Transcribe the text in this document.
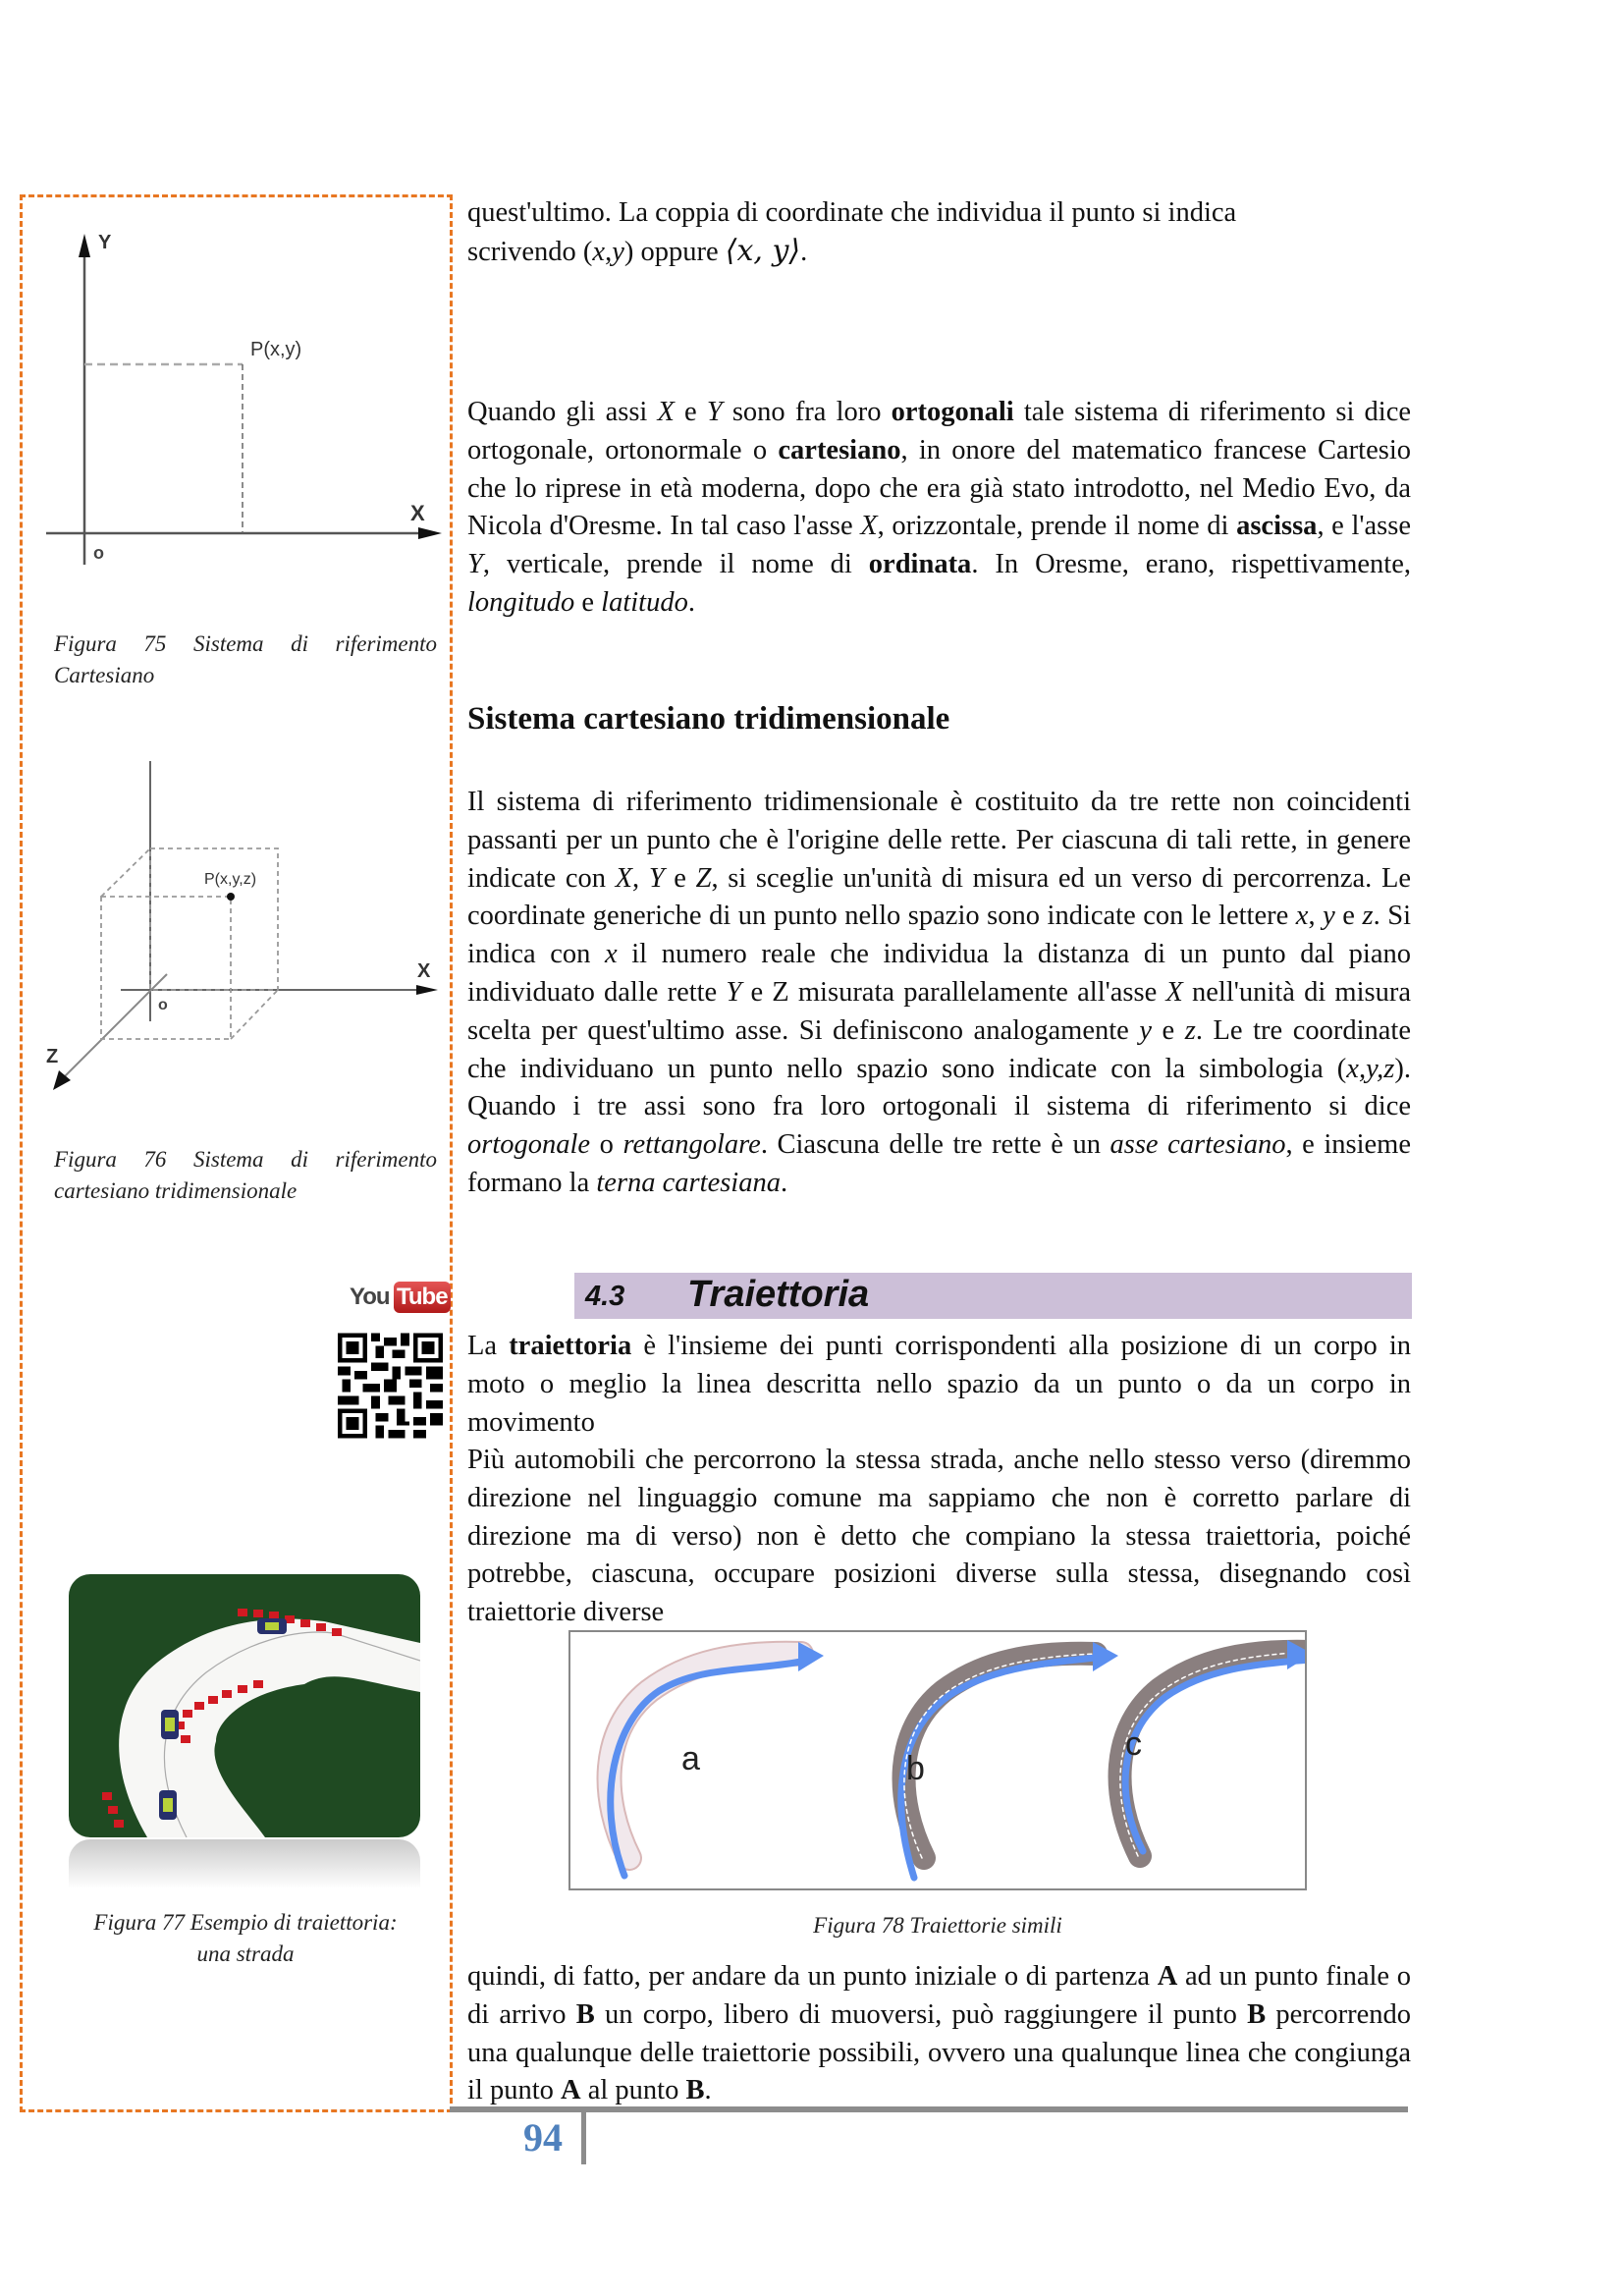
Y
P(x,y)
X
o
Figura 75 Sistema di riferimento Cartesiano
P(x,y,z)
X
o
Z
Figura 76 Sistema di riferimento cartesiano tridimensionale
You Tube
Figura 77 Esempio di traiettoria:
una strada

quest'ultimo. La coppia di coordinate che individua il punto si indica
scrivendo (x,y) oppure ⟨x, y⟩.

Quando gli assi X e Y sono fra loro ortogonali tale sistema di riferimento si dice ortogonale, ortonormale o cartesiano, in onore del matematico francese Cartesio che lo riprese in età moderna, dopo che era già stato introdotto, nel Medio Evo, da Nicola d'Oresme. In tal caso l'asse X, orizzontale, prende il nome di ascissa, e l'asse Y, verticale, prende il nome di ordinata. In Oresme, erano, rispettivamente, longitudo e latitudo.

Sistema cartesiano tridimensionale

Il sistema di riferimento tridimensionale è costituito da tre rette non coincidenti passanti per un punto che è l'origine delle rette. Per ciascuna di tali rette, in genere indicate con X, Y e Z, si sceglie un'unità di misura ed un verso di percorrenza. Le coordinate generiche di un punto nello spazio sono indicate con le lettere x, y e z. Si indica con x il numero reale che individua la distanza di un punto dal piano individuato dalle rette Y e Z misurata parallelamente all'asse X nell'unità di misura scelta per quest'ultimo asse. Si definiscono analogamente y e z. Le tre coordinate che individuano un punto nello spazio sono indicate con la simbologia (x,y,z). Quando i tre assi sono fra loro ortogonali il sistema di riferimento si dice ortogonale o rettangolare. Ciascuna delle tre rette è un asse cartesiano, e insieme formano la terna cartesiana.

4.3 Traiettoria

La traiettoria è l'insieme dei punti corrispondenti alla posizione di un corpo in moto o meglio la linea descritta nello spazio da un punto o da un corpo in movimento

Più automobili che percorrono la stessa strada, anche nello stesso verso (diremmo direzione nel linguaggio comune ma sappiamo che non è corretto parlare di direzione ma di verso) non è detto che compiano la stessa traiettoria, poiché potrebbe, ciascuna, occupare posizioni diverse sulla stessa, disegnando così traiettorie diverse

a	b
c
Figura 78 Traiettorie simili

quindi, di fatto, per andare da un punto iniziale o di partenza A ad un punto finale o di arrivo B un corpo, libero di muoversi, può raggiungere il punto B percorrendo una qualunque delle traiettorie possibili, ovvero una qualunque linea che congiunga il punto A al punto B.

94
